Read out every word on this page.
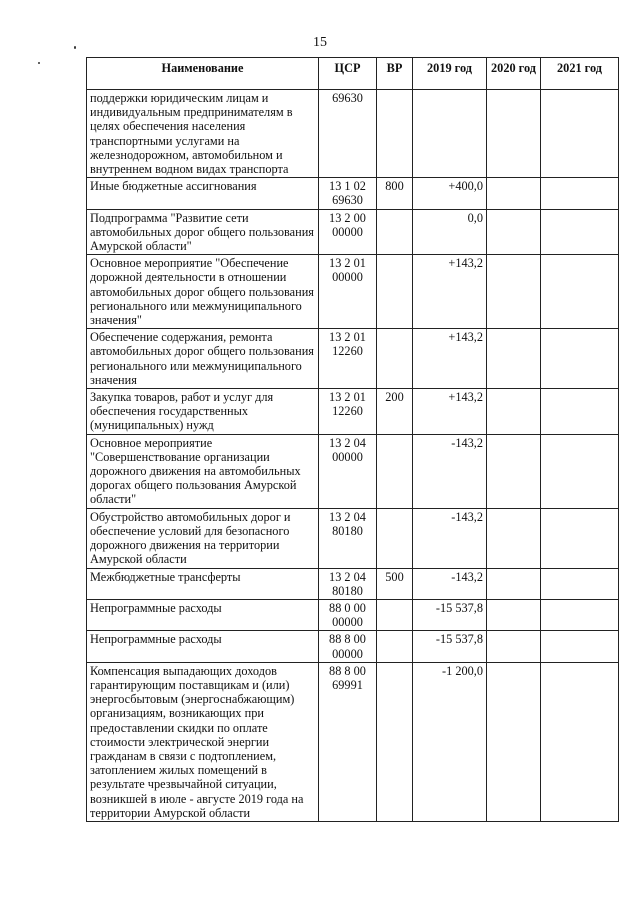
15
Наименование	ЦСР	ВР	2019 год	2020 год	2021 год
поддержки юридическим лицам и индивидуальным предпринимателям в целях обеспечения населения транспортными услугами на железнодорожном, автомобильном и внутреннем водном видах транспорта	69630				
Иные бюджетные ассигнования	13 1 02 69630	800	+400,0		
Подпрограмма "Развитие сети автомобильных дорог общего пользования Амурской области"	13 2 00 00000		0,0		
Основное мероприятие "Обеспечение дорожной деятельности в отношении автомобильных дорог общего пользования регионального или межмуниципального значения"	13 2 01 00000		+143,2		
Обеспечение содержания, ремонта автомобильных дорог общего пользования регионального или межмуниципального значения	13 2 01 12260		+143,2		
Закупка товаров, работ и услуг для обеспечения государственных (муниципальных) нужд	13 2 01 12260	200	+143,2		
Основное мероприятие "Совершенствование организации дорожного движения на автомобильных дорогах общего пользования Амурской области"	13 2 04 00000		-143,2		
Обустройство автомобильных дорог и обеспечение условий для безопасного дорожного движения на территории Амурской области	13 2 04 80180		-143,2		
Межбюджетные трансферты	13 2 04 80180	500	-143,2		
Непрограммные расходы	88 0 00 00000		-15 537,8		
Непрограммные расходы	88 8 00 00000		-15 537,8		
Компенсация выпадающих доходов гарантирующим поставщикам и (или) энергосбытовым (энергоснабжающим) организациям, возникающих при предоставлении скидки по оплате стоимости электрической энергии гражданам в связи с подтоплением, затоплением жилых помещений в результате чрезвычайной ситуации, возникшей в июле - августе 2019 года на территории Амурской области	88 8 00 69991		-1 200,0		
